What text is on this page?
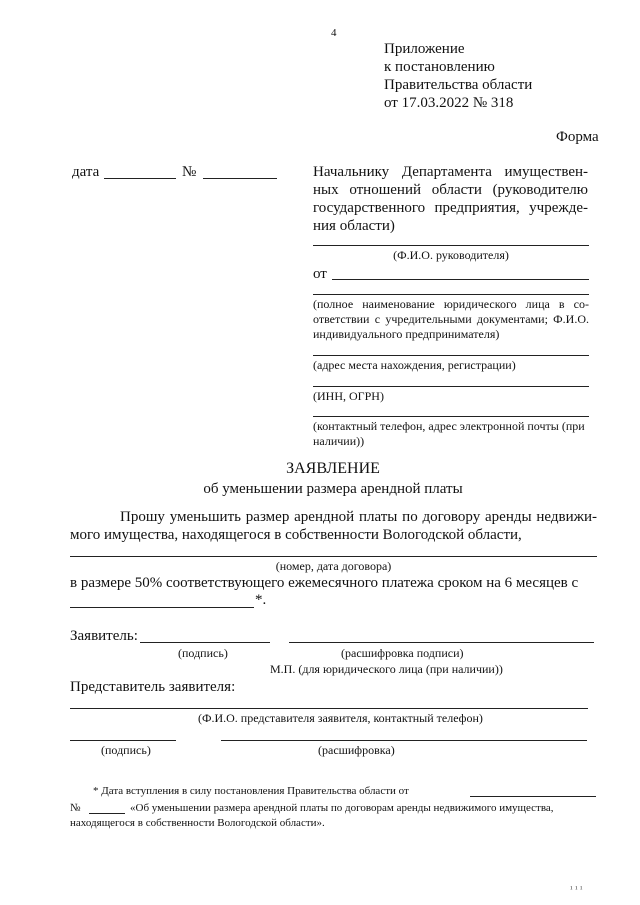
4
Приложение
к постановлению
Правительства области
от 17.03.2022 № 318
Форма
дата	№	Начальнику Департамента имуществен-ных отношений области (руководителю государственного предприятия, учрежде-ния области)
(Ф.И.О. руководителя)
от
(полное наименование юридического лица в со-ответствии с учредительными документами; Ф.И.О. индивидуального предпринимателя)
(адрес места нахождения, регистрации)
(ИНН, ОГРН)
(контактный телефон, адрес электронной почты (при наличии))
ЗАЯВЛЕНИЕ
об уменьшении размера арендной платы
Прошу уменьшить размер арендной платы по договору аренды недвижи-мого имущества, находящегося в собственности Вологодской области,
(номер, дата договора)
в размере 50% соответствующего ежемесячного платежа сроком на 6 месяцев с
*.
Заявитель:
(подпись)	(расшифровка подписи)
М.П. (для юридического лица (при наличии))
Представитель заявителя:
(Ф.И.О. представителя заявителя, контактный телефон)
(подпись)	(расшифровка)
* Дата вступления в силу постановления Правительства области от
№	«Об уменьшении размера арендной платы по договорам аренды недвижимого имущества,
находящегося в собственности Вологодской области».
¹ ¹ ¹
